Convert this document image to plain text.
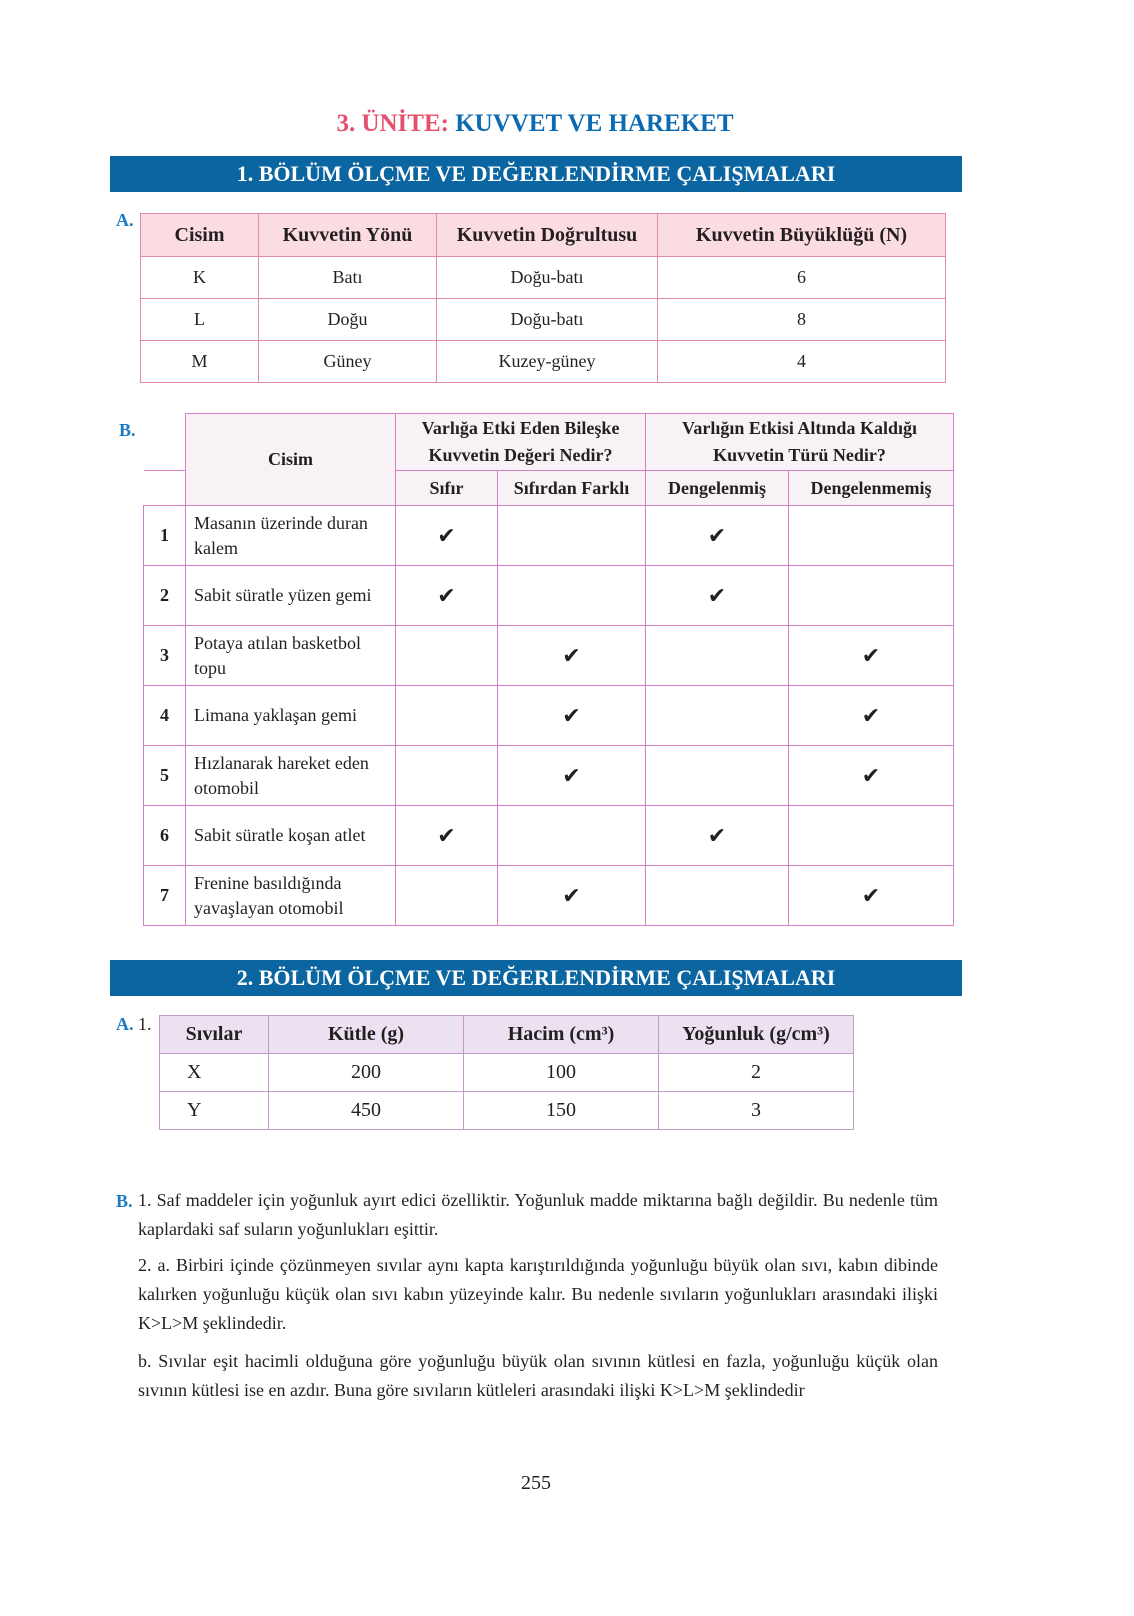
3. ÜNİTE: KUVVET VE HAREKET
1. BÖLÜM ÖLÇME VE DEĞERLENDİRME ÇALIŞMALARI
A.
Cisim	Kuvvetin Yönü	Kuvvetin Doğrultusu	Kuvvetin Büyüklüğü (N)
K	Batı	Doğu-batı	6
L	Doğu	Doğu-batı	8
M	Güney	Kuzey-güney	4
B.
	Cisim	Varlığa Etki Eden Bileşke Kuvvetin Değeri Nedir?		Varlığın Etkisi Altında Kaldığı Kuvvetin Türü Nedir?	
		Sıfır	Sıfırdan Farklı	Dengelenmiş	Dengelenmemiş
1	Masanın üzerinde duran kalem	✔		✔	
2	Sabit süratle yüzen gemi	✔		✔	
3	Potaya atılan basketbol topu		✔		✔
4	Limana yaklaşan gemi		✔		✔
5	Hızlanarak hareket eden otomobil		✔		✔
6	Sabit süratle koşan atlet	✔		✔	
7	Frenine basıldığında yavaşlayan otomobil		✔		✔
2. BÖLÜM ÖLÇME VE DEĞERLENDİRME ÇALIŞMALARI
A. 1. Sıvılar	Kütle (g)	Hacim (cm³)	Yoğunluk (g/cm³)
X	200	100	2
Y	450	150	3
B. 1. Saf maddeler için yoğunluk ayırt edici özelliktir. Yoğunluk madde miktarına bağlı değildir. Bu nedenle tüm kaplardaki saf suların yoğunlukları eşittir.
2. a. Birbiri içinde çözünmeyen sıvılar aynı kapta karıştırıldığında yoğunluğu büyük olan sıvı, kabın dibinde kalırken yoğunluğu küçük olan sıvı kabın yüzeyinde kalır. Bu nedenle sıvıların yoğunlukları arasındaki ilişki K>L>M şeklindedir.
b. Sıvılar eşit hacimli olduğuna göre yoğunluğu büyük olan sıvının kütlesi en fazla, yoğunluğu küçük olan sıvının kütlesi ise en azdır. Buna göre sıvıların kütleleri arasındaki ilişki K>L>M şeklindedir
255
